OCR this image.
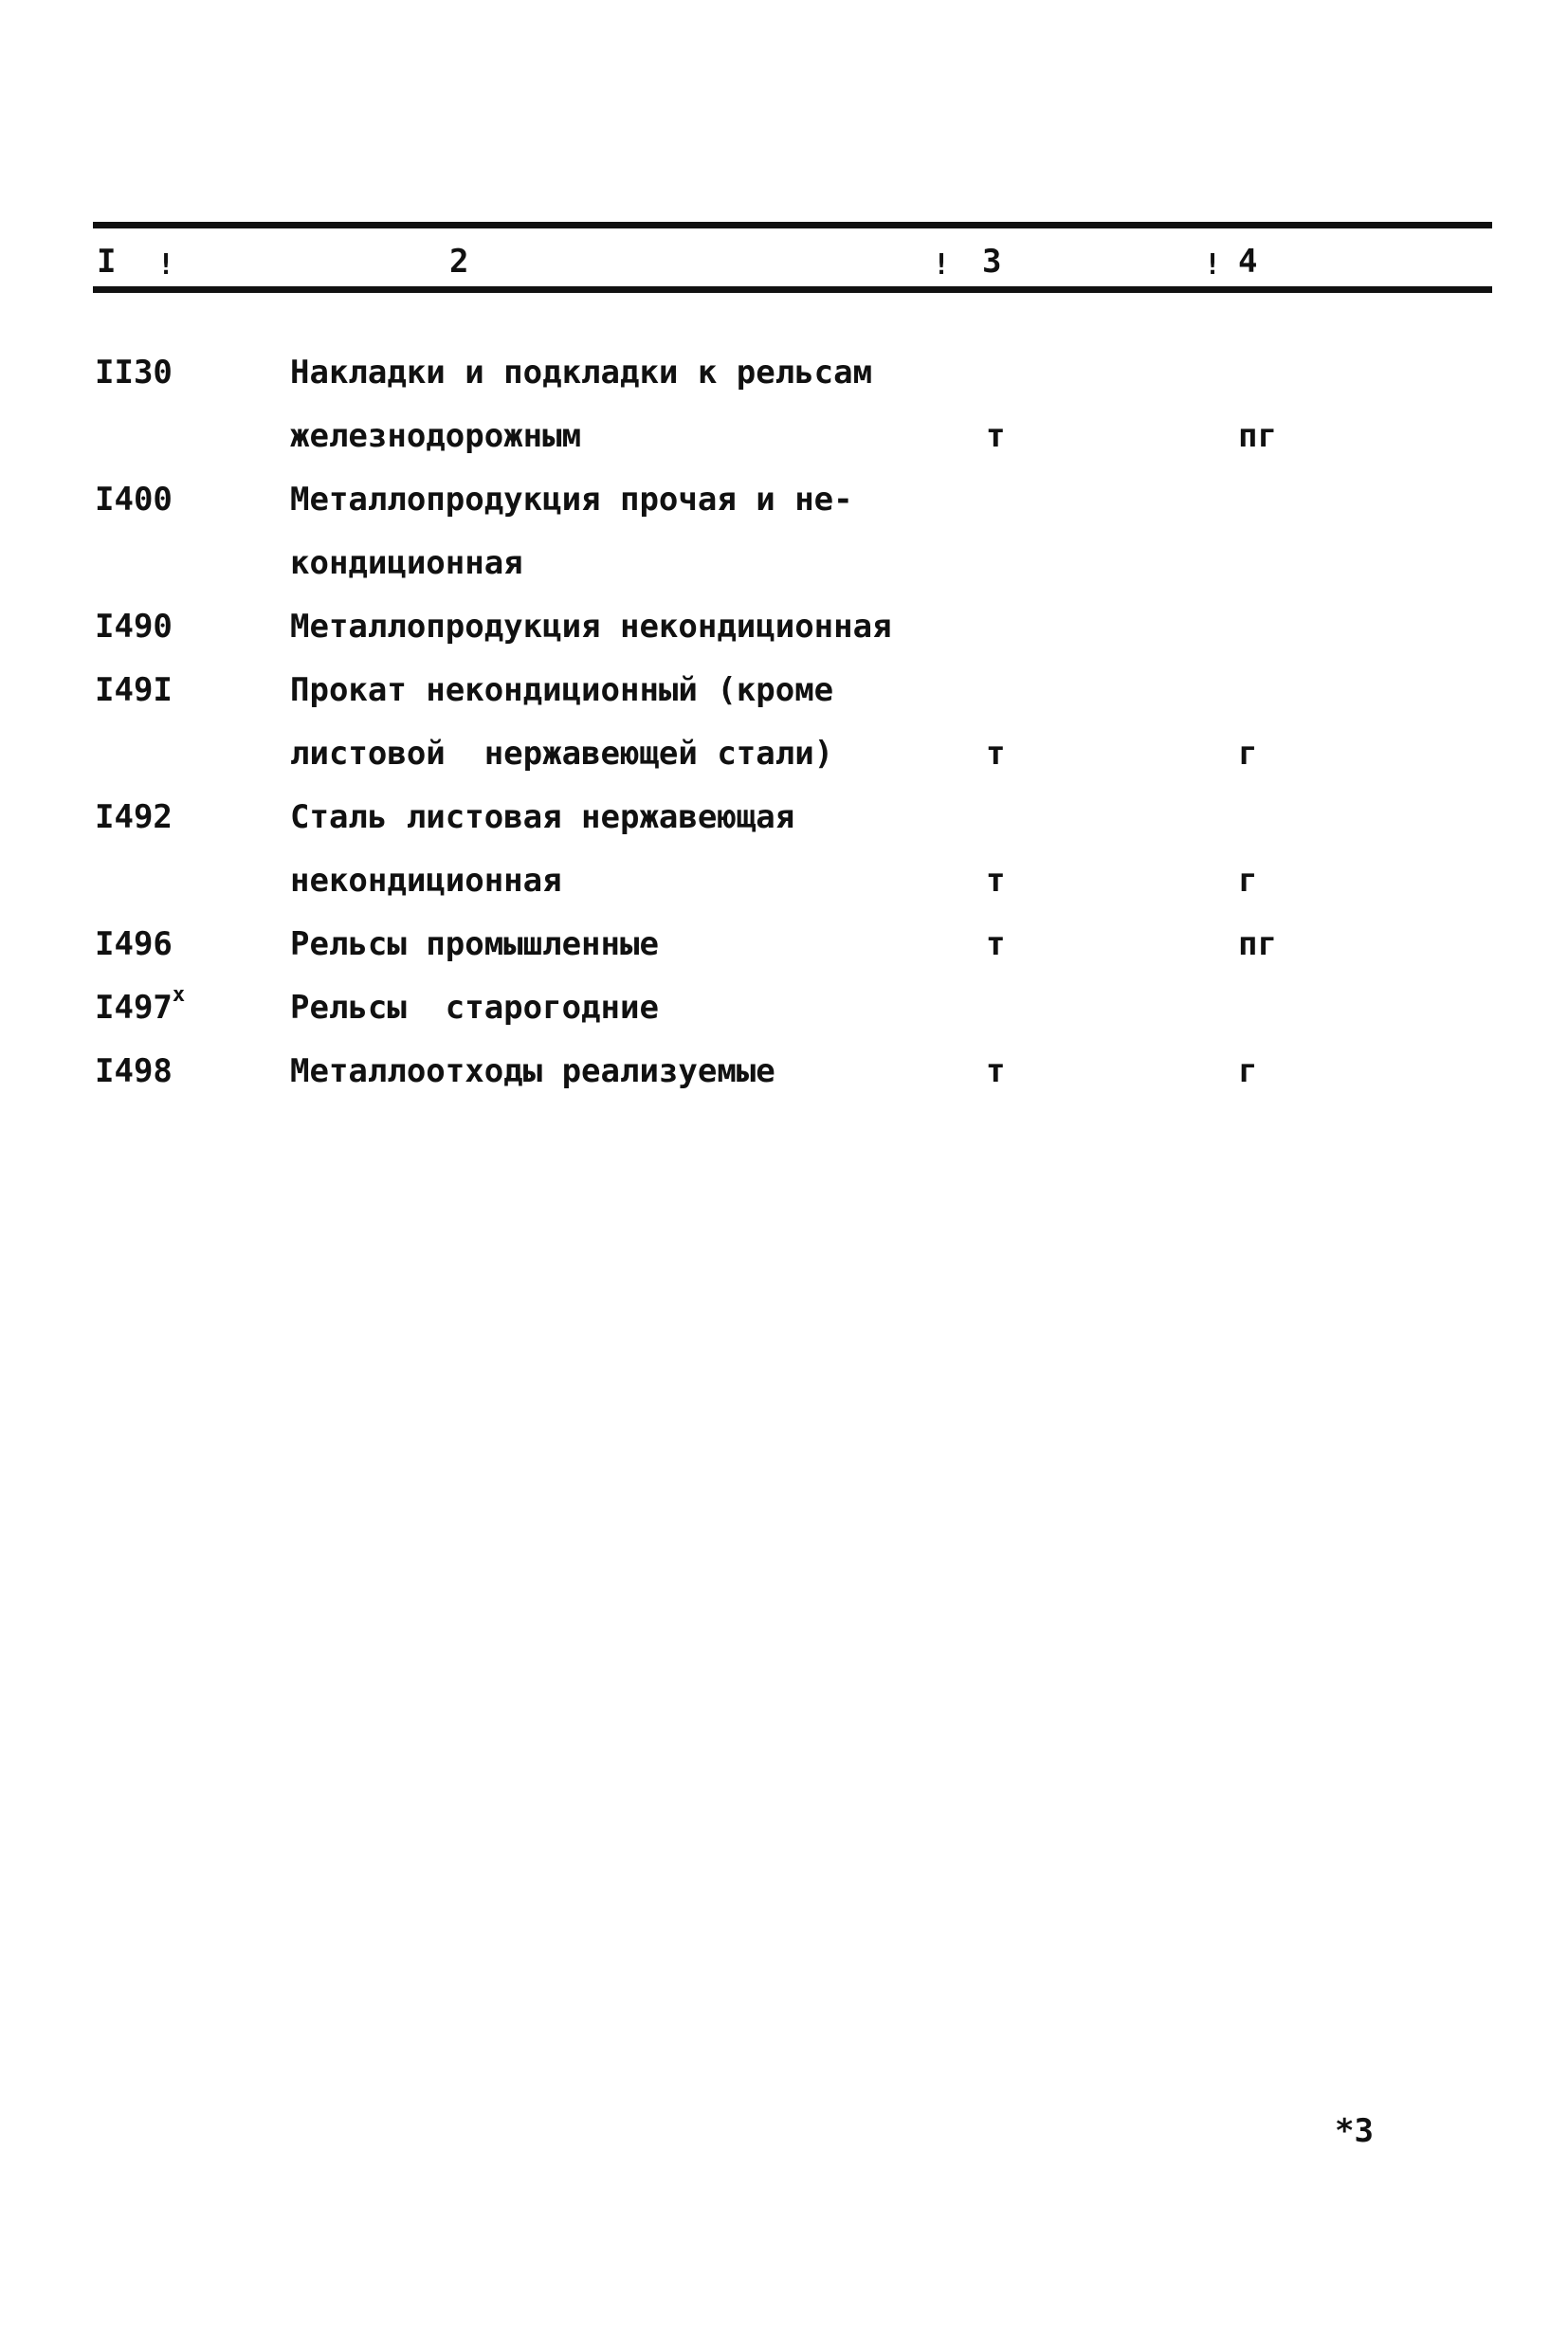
I !	2	! 3	! 4
II30	Накладки и подкладки к рельсам
железнодорожным	т	пг
I400	Металлопродукция прочая и не-
кондиционная
I490	Металлопродукция некондиционная
I49I	Прокат некондиционный (кроме
листовой  нержавеющей стали)	т	г
I492	Сталь листовая нержавеющая
некондиционная	т	г
I496	Рельсы промышленные	т	пг
$I497^х$	Рельсы  старогодние
I498	Металлоотходы реализуемые	т	г
*3
